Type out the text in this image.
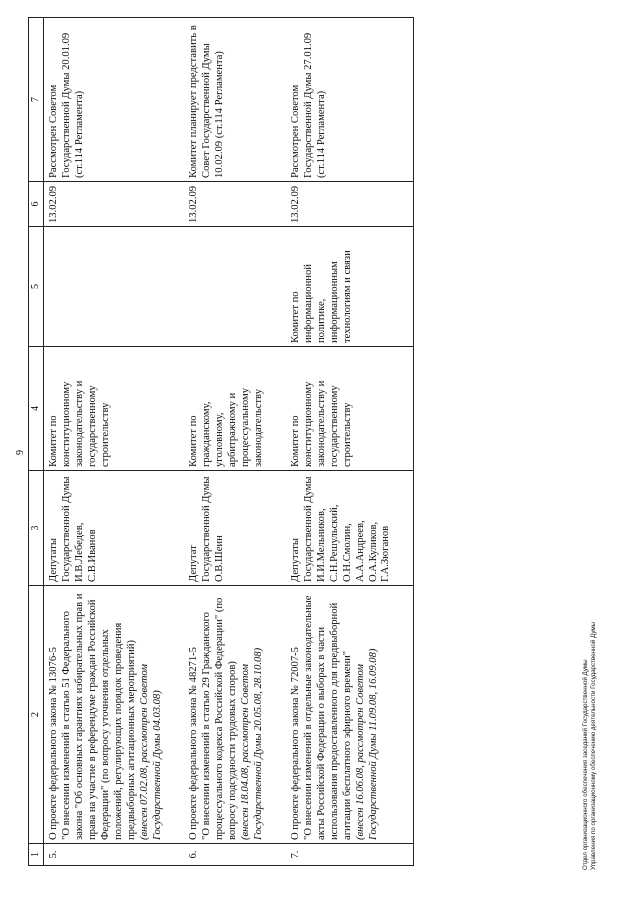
9
1	2	3	4	5	6	7
5.	О проекте федерального закона № 13076-5 "О внесении изменений в статью 51 Федерального закона "Об основных гарантиях избирательных прав и права на участие в референдуме граждан Российской Федерации" (по вопросу уточнения отдельных положений, регулирующих порядок проведения предвыборных агитационных мероприятий) (внесен 07.02.08, рассмотрен Советом Государственной Думы 04.03.08)	Депутаты Государственной Думы И.В.Лебедев, С.В.Иванов	Комитет по конституционному законодательству и государственному строительству		13.02.09	Рассмотрен Советом Государственной Думы 20.01.09 (ст.114 Регламента)
6.	О проекте федерального закона № 48271-5 "О внесении изменений в статью 29 Гражданского процессуального кодекса Российской Федерации" (по вопросу подсудности трудовых споров) (внесен 18.04.08, рассмотрен Советом Государственной Думы 20.05.08, 28.10.08)	Депутат Государственной Думы О.В.Шеин	Комитет по гражданскому, уголовному, арбитражному и процессуальному законодательству		13.02.09	Комитет планирует представить в Совет Государственной Думы 10.02.09 (ст.114 Регламента)
7.	О проекте федерального закона № 72007-5 "О внесении изменений в отдельные законодательные акты Российской Федерации о выборах в части использования предоставленного для предвыборной агитации бесплатного эфирного времени" (внесен 16.06.08, рассмотрен Советом Государственной Думы 11.09.08, 16.09.08)	Депутаты Государственной Думы И.И.Мельников, С.Н.Решульский, О.Н.Смолин, А.А.Андреев, О.А.Куликов, Г.А.Зюганов	Комитет по конституционному законодательству и государственному строительству	Комитет по информационной политике, информационным технологиям и связи	13.02.09	Рассмотрен Советом Государственной Думы 27.01.09 (ст.114 Регламента)
Отдел организационного обеспечения заседаний Государственной Думы Управления по организационному обеспечению деятельности Государственной Думы
